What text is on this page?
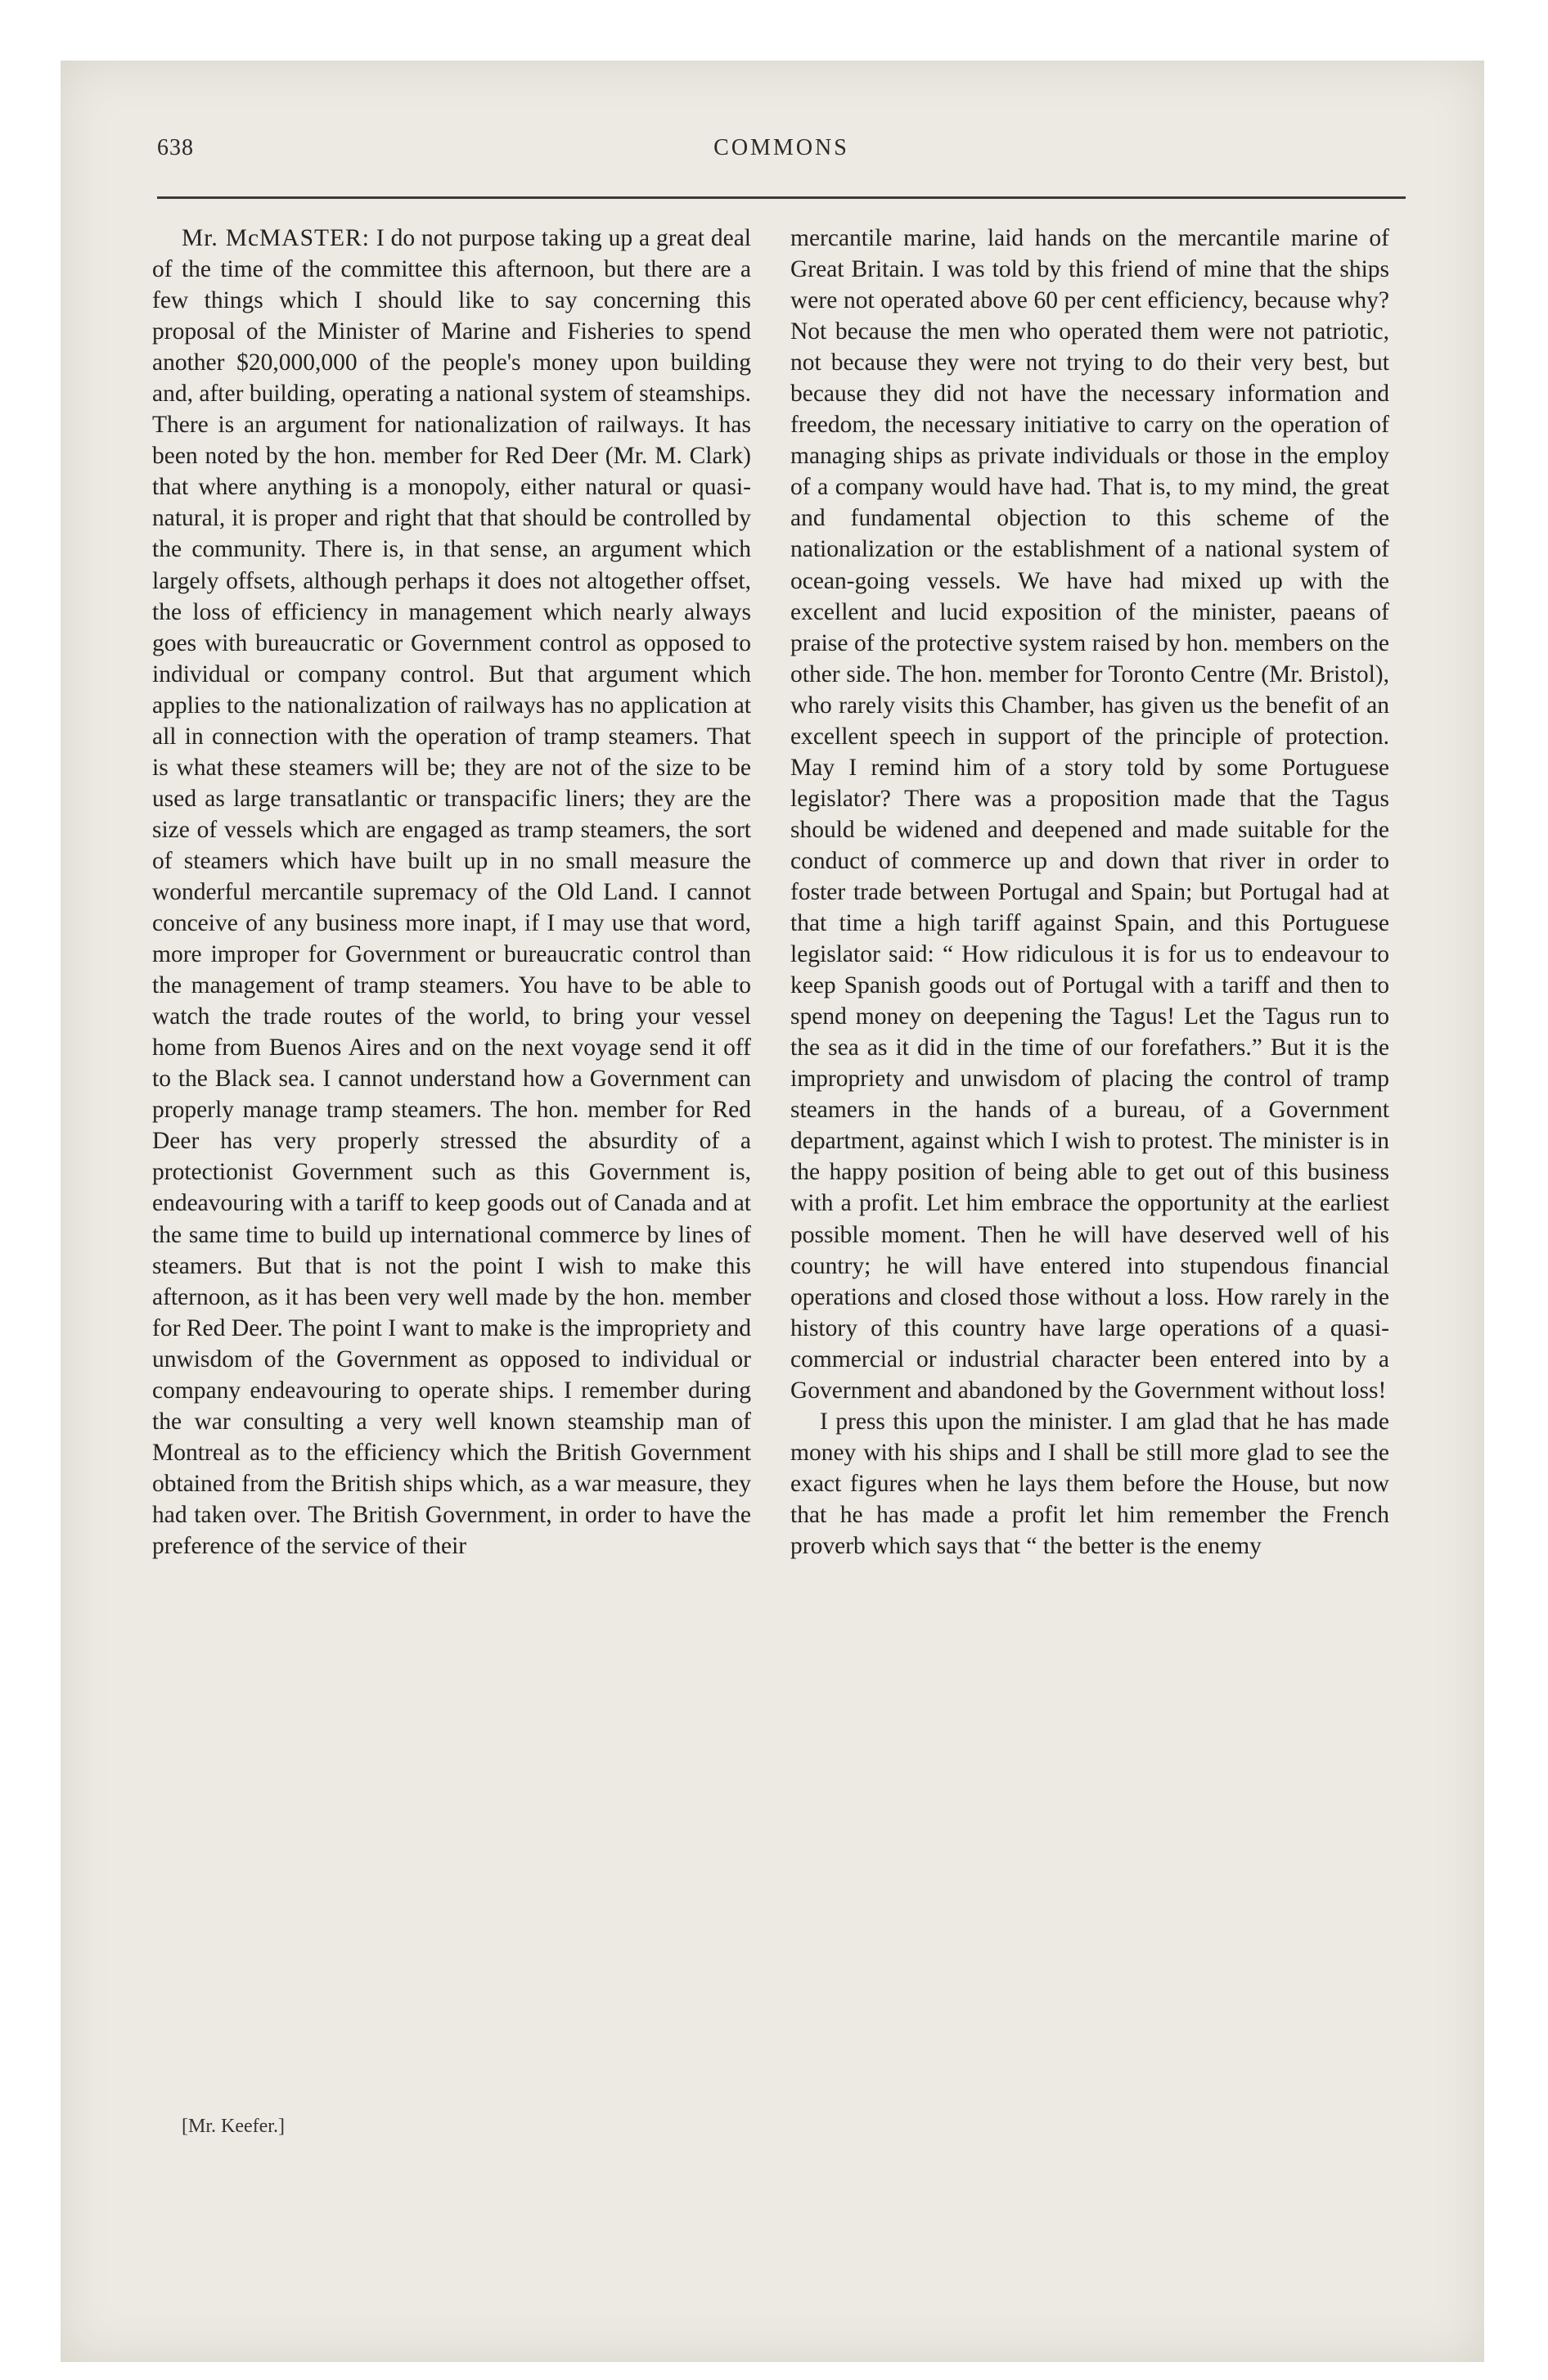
638	COMMONS

Mr. McMASTER: I do not purpose taking up a great deal of the time of the committee this afternoon, but there are a few things which I should like to say concerning this proposal of the Minister of Marine and Fisheries to spend another $20,000,000 of the people's money upon building and, after building, operating a national system of steamships. There is an argument for nationalization of railways. It has been noted by the hon. member for Red Deer (Mr. M. Clark) that where anything is a monopoly, either natural or quasi-natural, it is proper and right that that should be controlled by the community. There is, in that sense, an argument which largely offsets, although perhaps it does not altogether offset, the loss of efficiency in management which nearly always goes with bureaucratic or Government control as opposed to individual or company control. But that argument which applies to the nationalization of railways has no application at all in connection with the operation of tramp steamers. That is what these steamers will be; they are not of the size to be used as large transatlantic or transpacific liners; they are the size of vessels which are engaged as tramp steamers, the sort of steamers which have built up in no small measure the wonderful mercantile supremacy of the Old Land. I cannot conceive of any business more inapt, if I may use that word, more improper for Government or bureaucratic control than the management of tramp steamers. You have to be able to watch the trade routes of the world, to bring your vessel home from Buenos Aires and on the next voyage send it off to the Black sea. I cannot understand how a Government can properly manage tramp steamers. The hon. member for Red Deer has very properly stressed the absurdity of a protectionist Government such as this Government is, endeavouring with a tariff to keep goods out of Canada and at the same time to build up international commerce by lines of steamers. But that is not the point I wish to make this afternoon, as it has been very well made by the hon. member for Red Deer. The point I want to make is the impropriety and unwisdom of the Government as opposed to individual or company endeavouring to operate ships. I remember during the war consulting a very well known steamship man of Montreal as to the efficiency which the British Government obtained from the British ships which, as a war measure, they had taken over. The British Government, in order to have the preference of the service of their

mercantile marine, laid hands on the mercantile marine of Great Britain. I was told by this friend of mine that the ships were not operated above 60 per cent efficiency, because why? Not because the men who operated them were not patriotic, not because they were not trying to do their very best, but because they did not have the necessary information and freedom, the necessary initiative to carry on the operation of managing ships as private individuals or those in the employ of a company would have had. That is, to my mind, the great and fundamental objection to this scheme of the nationalization or the establishment of a national system of ocean-going vessels. We have had mixed up with the excellent and lucid exposition of the minister, paeans of praise of the protective system raised by hon. members on the other side. The hon. member for Toronto Centre (Mr. Bristol), who rarely visits this Chamber, has given us the benefit of an excellent speech in support of the principle of protection. May I remind him of a story told by some Portuguese legislator? There was a proposition made that the Tagus should be widened and deepened and made suitable for the conduct of commerce up and down that river in order to foster trade between Portugal and Spain; but Portugal had at that time a high tariff against Spain, and this Portuguese legislator said: “ How ridiculous it is for us to endeavour to keep Spanish goods out of Portugal with a tariff and then to spend money on deepening the Tagus! Let the Tagus run to the sea as it did in the time of our forefathers.” But it is the impropriety and unwisdom of placing the control of tramp steamers in the hands of a bureau, of a Government department, against which I wish to protest. The minister is in the happy position of being able to get out of this business with a profit. Let him embrace the opportunity at the earliest possible moment. Then he will have deserved well of his country; he will have entered into stupendous financial operations and closed those without a loss. How rarely in the history of this country have large operations of a quasi-commercial or industrial character been entered into by a Government and abandoned by the Government without loss!

I press this upon the minister. I am glad that he has made money with his ships and I shall be still more glad to see the exact figures when he lays them before the House, but now that he has made a profit let him remember the French proverb which says that “ the better is the enemy

[Mr. Keefer.]
